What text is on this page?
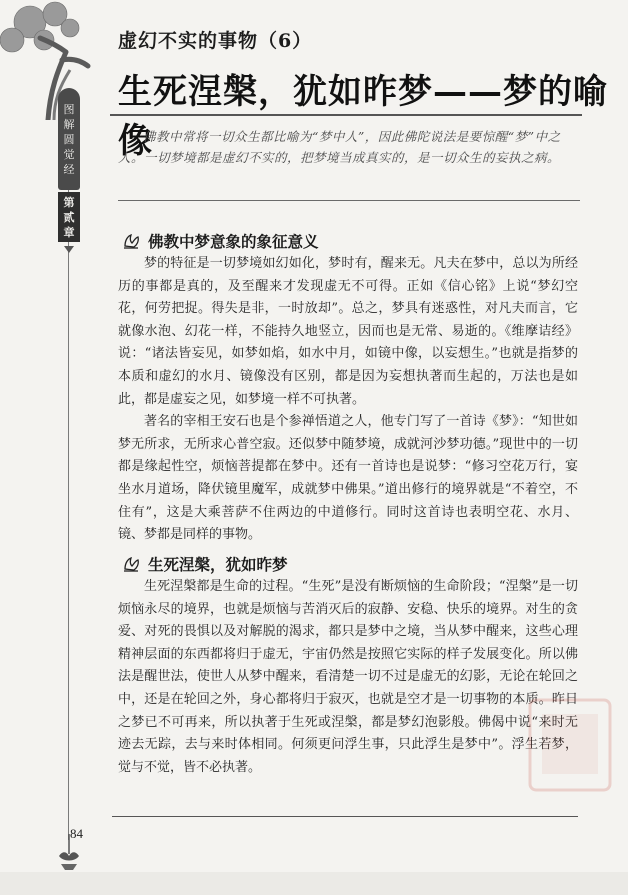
图
解
圆
觉
经
第
贰
章
虚幻不实的事物（6）
生死涅槃，犹如昨梦——梦的喻像
佛教中常将一切众生都比喻为“梦中人”，因此佛陀说法是要惊醒“梦”中之人。一切梦境都是虚幻不实的，把梦境当成真实的，是一切众生的妄执之病。
佛教中梦意象的象征意义

梦的特征是一切梦境如幻如化，梦时有，醒来无。凡夫在梦中，总以为所经历的事都是真的，及至醒来才发现虚无不可得。正如《信心铭》上说“梦幻空花，何劳把捉。得失是非，一时放却”。总之，梦具有迷惑性，对凡夫而言，它就像水泡、幻花一样，不能持久地竖立，因而也是无常、易逝的。《维摩诘经》说：“诸法皆妄见，如梦如焰，如水中月，如镜中像，以妄想生。”也就是指梦的本质和虚幻的水月、镜像没有区别，都是因为妄想执著而生起的，万法也是如此，都是虚妄之见，如梦境一样不可执著。

著名的宰相王安石也是个参禅悟道之人，他专门写了一首诗《梦》：“知世如梦无所求，无所求心普空寂。还似梦中随梦境，成就河沙梦功德。”现世中的一切都是缘起性空，烦恼菩提都在梦中。还有一首诗也是说梦：“修习空花万行，宴坐水月道场，降伏镜里魔军，成就梦中佛果。”道出修行的境界就是“不着空，不住有”，这是大乘菩萨不住两边的中道修行。同时这首诗也表明空花、水月、镜、梦都是同样的事物。

生死涅槃，犹如昨梦

生死涅槃都是生命的过程。“生死”是没有断烦恼的生命阶段；“涅槃”是一切烦恼永尽的境界，也就是烦恼与苦消灭后的寂静、安稳、快乐的境界。对生的贪爱、对死的畏惧以及对解脱的渴求，都只是梦中之境，当从梦中醒来，这些心理精神层面的东西都将归于虚无，宇宙仍然是按照它实际的样子发展变化。所以佛法是醒世法，使世人从梦中醒来，看清楚一切不过是虚无的幻影，无论在轮回之中，还是在轮回之外，身心都将归于寂灭，也就是空才是一切事物的本质。昨日之梦已不可再来，所以执著于生死或涅槃，都是梦幻泡影般。佛偈中说“来时无迹去无踪，去与来时体相同。何须更问浮生事，只此浮生是梦中”。浮生若梦，觉与不觉，皆不必执著。

84
